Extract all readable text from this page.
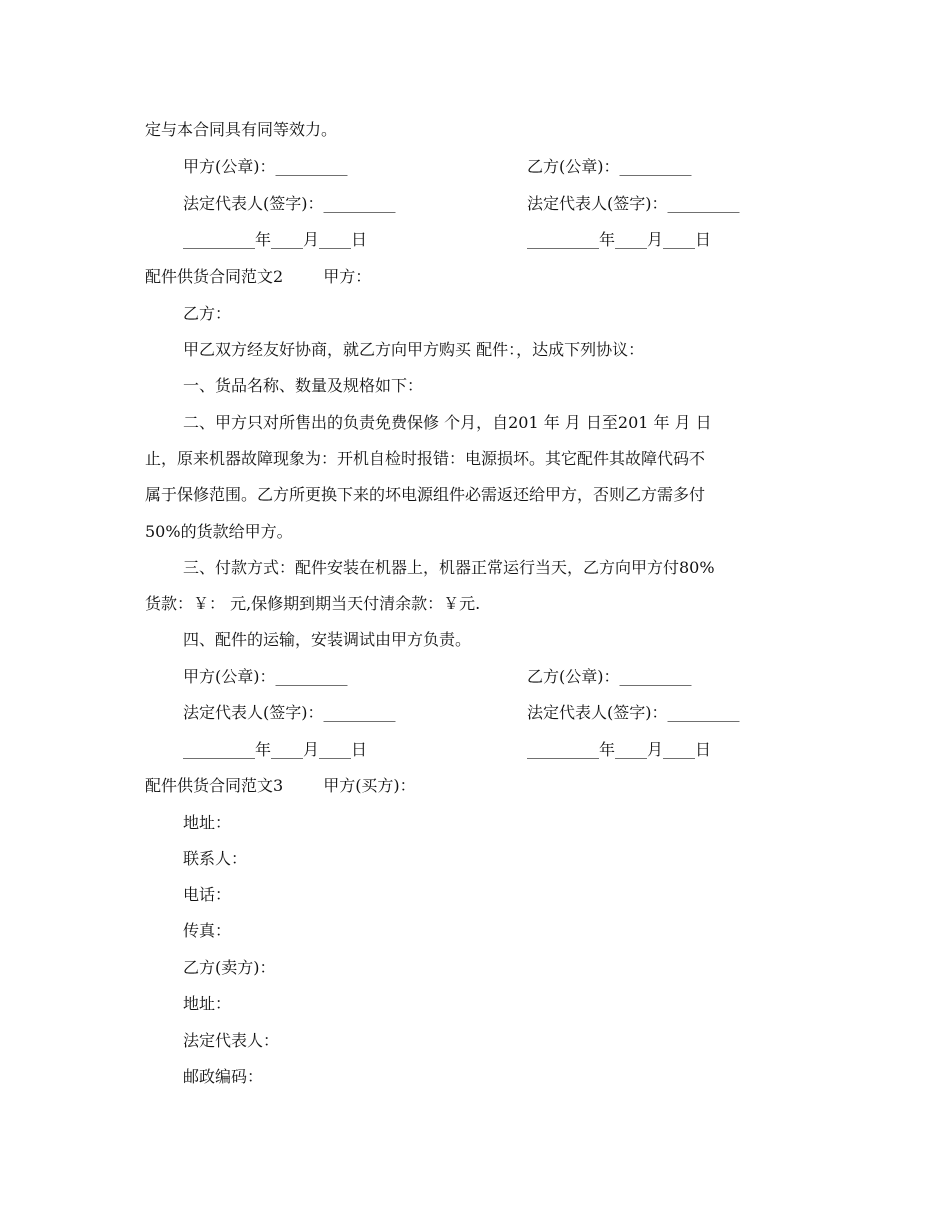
定与本合同具有同等效力。
甲方(公章)：_________	乙方(公章)：_________
法定代表人(签字)：_________	法定代表人(签字)：_________
_________年____月____日	_________年____月____日
配件供货合同范文2	甲方：
乙方：
甲乙双方经友好协商，就乙方向甲方购买 配件：，达成下列协议：
一、货品名称、数量及规格如下：
二、甲方只对所售出的负责免费保修 个月，自201 年 月 日至201 年 月 日
止，原来机器故障现象为：开机自检时报错：电源损坏。其它配件其故障代码不
属于保修范围。乙方所更换下来的坏电源组件必需返还给甲方，否则乙方需多付
50%的货款给甲方。
三、付款方式：配件安装在机器上，机器正常运行当天，乙方向甲方付80%
货款：￥： 元,保修期到期当天付清余款：￥元.
四、配件的运输，安装调试由甲方负责。
甲方(公章)：_________	乙方(公章)：_________
法定代表人(签字)：_________	法定代表人(签字)：_________
_________年____月____日	_________年____月____日
配件供货合同范文3	甲方(买方)：
地址：
联系人：
电话：
传真：
乙方(卖方)：
地址：
法定代表人：
邮政编码：
